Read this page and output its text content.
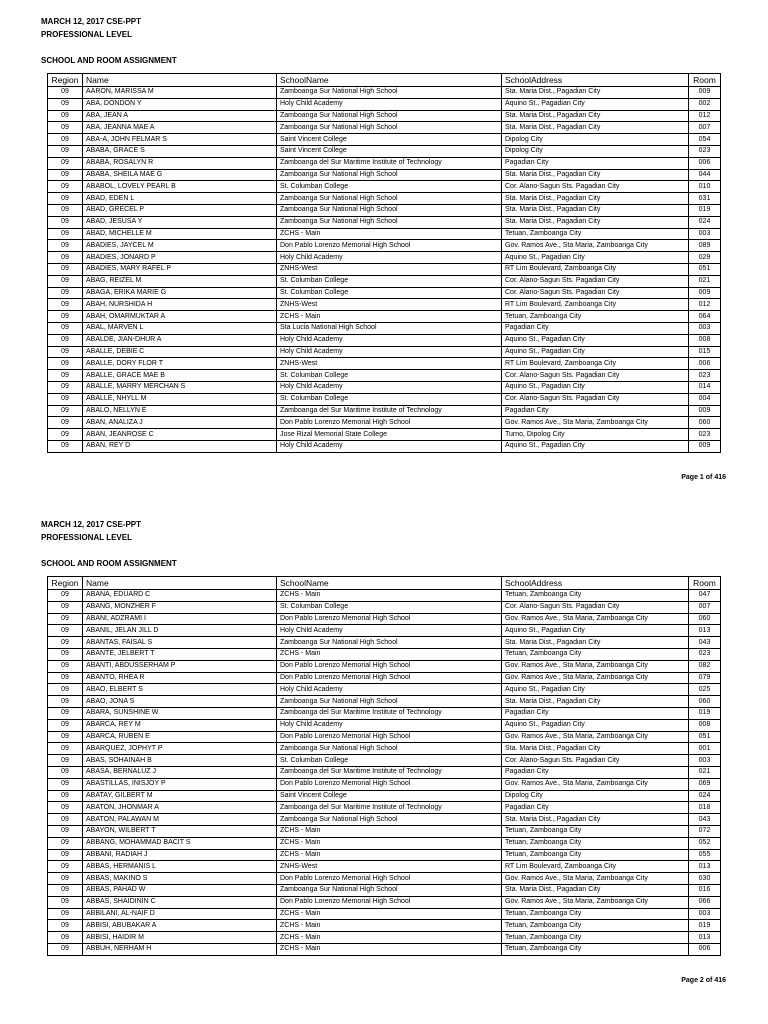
MARCH 12, 2017 CSE-PPT
PROFESSIONAL LEVEL
SCHOOL AND ROOM ASSIGNMENT
Region	Name	SchoolName	SchoolAddress	Room
09	AARON, MARISSA M	Zamboanga Sur National High School	Sta. Maria Dist., Pagadian City	009
09	ABA, DONDON Y	Holy Child Academy	Aquino St., Pagadian City	002
09	ABA, JEAN A	Zamboanga Sur National High School	Sta. Maria Dist., Pagadian City	012
09	ABA, JEANNA MAE A	Zamboanga Sur National High School	Sta. Maria Dist., Pagadian City	007
09	ABA-A, JOHN FELMAR S	Saint Vincent College	Dipolog City	054
09	ABABA, GRACE S	Saint Vincent College	Dipolog City	023
09	ABABA, ROSALYN R	Zamboanga del Sur Maritime Institute of Technology	Pagadian City	006
09	ABABA, SHEILA MAE G	Zamboanga Sur National High School	Sta. Maria Dist., Pagadian City	044
09	ABABOL, LOVELY PEARL B	St. Columban College	Cor. Alano-Sagun Sts. Pagadian City	010
09	ABAD, EDEN L	Zamboanga Sur National High School	Sta. Maria Dist., Pagadian City	031
09	ABAD, GRECEL P	Zamboanga Sur National High School	Sta. Maria Dist., Pagadian City	019
09	ABAD, JESUSA Y	Zamboanga Sur National High School	Sta. Maria Dist., Pagadian City	024
09	ABAD, MICHELLE M	ZCHS - Main	Tetuan, Zamboanga City	003
09	ABADIES, JAYCEL M	Don Pablo Lorenzo Memorial High School	Gov. Ramos Ave., Sta Maria, Zamboanga City	089
09	ABADIES, JONARD P	Holy Child Academy	Aquino St., Pagadian City	029
09	ABADIES, MARY RAFEL P	ZNHS-West	RT Lim Boulevard, Zamboanga City	051
09	ABAG, REIZEL M	St. Columban College	Cor. Alano-Sagun Sts. Pagadian City	021
09	ABAGA, ERIKA MARIE G	St. Columban College	Cor. Alano-Sagun Sts. Pagadian City	009
09	ABAH, NURSHIDA H	ZNHS-West	RT Lim Boulevard, Zamboanga City	012
09	ABAH, OMARMUKTAR A	ZCHS - Main	Tetuan, Zamboanga City	064
09	ABAL, MARVEN L	Sta Lucia National High School	Pagadian City	003
09	ABALDE, JIAN-DHUR A	Holy Child Academy	Aquino St., Pagadian City	008
09	ABALLE, DEBIE C	Holy Child Academy	Aquino St., Pagadian City	015
09	ABALLE, DORY FLOR T	ZNHS-West	RT Lim Boulevard, Zamboanga City	006
09	ABALLE, GRACE MAE B	St. Columban College	Cor. Alano-Sagun Sts. Pagadian City	023
09	ABALLE, MARRY MERCHAN S	Holy Child Academy	Aquino St., Pagadian City	014
09	ABALLE, NHYLL M	St. Columban College	Cor. Alano-Sagun Sts. Pagadian City	004
09	ABALO, NELLYN E	Zamboanga del Sur Maritime Institute of Technology	Pagadian City	009
09	ABAN, ANALIZA J	Don Pablo Lorenzo Memorial High School	Gov. Ramos Ave., Sta Maria, Zamboanga City	060
09	ABAN, JEANROSE C	Jose Rizal Memorial State College	Turno, Dipolog City	023
09	ABAN, REY D	Holy Child Academy	Aquino St., Pagadian City	009
Page 1 of 416
MARCH 12, 2017 CSE-PPT
PROFESSIONAL LEVEL
SCHOOL AND ROOM ASSIGNMENT
Region	Name	SchoolName	SchoolAddress	Room
09	ABANA, EDUARD C	ZCHS - Main	Tetuan, Zamboanga City	047
09	ABANG, MONZHER F	St. Columban College	Cor. Alano-Sagun Sts. Pagadian City	007
09	ABANI, ADZRAMI I	Don Pablo Lorenzo Memorial High School	Gov. Ramos Ave., Sta Maria, Zamboanga City	060
09	ABANIL, JELAN JILL D	Holy Child Academy	Aquino St., Pagadian City	013
09	ABANTAS, FAISAL S	Zamboanga Sur National High School	Sta. Maria Dist., Pagadian City	043
09	ABANTE, JELBERT T	ZCHS - Main	Tetuan, Zamboanga City	023
09	ABANTI, ABDUSSERHAM P	Don Pablo Lorenzo Memorial High School	Gov. Ramos Ave., Sta Maria, Zamboanga City	082
09	ABANTO, RHEA R	Don Pablo Lorenzo Memorial High School	Gov. Ramos Ave., Sta Maria, Zamboanga City	079
09	ABAO, ELBERT S	Holy Child Academy	Aquino St., Pagadian City	025
09	ABAO, JONA S	Zamboanga Sur National High School	Sta. Maria Dist., Pagadian City	060
09	ABARA, SUNSHINE W	Zamboanga del Sur Maritime Institute of Technology	Pagadian City	019
09	ABARCA, REY M	Holy Child Academy	Aquino St., Pagadian City	008
09	ABARCA, RUBEN E	Don Pablo Lorenzo Memorial High School	Gov. Ramos Ave., Sta Maria, Zamboanga City	051
09	ABARQUEZ, JOPHYT P	Zamboanga Sur National High School	Sta. Maria Dist., Pagadian City	001
09	ABAS, SOHAINAH B	St. Columban College	Cor. Alano-Sagun Sts. Pagadian City	003
09	ABASA, BERNALUZ J	Zamboanga del Sur Maritime Institute of Technology	Pagadian City	021
09	ABASTILLAS, INISJOY P	Don Pablo Lorenzo Memorial High School	Gov. Ramos Ave., Sta Maria, Zamboanga City	069
09	ABATAY, GILBERT M	Saint Vincent College	Dipolog City	024
09	ABATON, JHONMAR A	Zamboanga del Sur Maritime Institute of Technology	Pagadian City	018
09	ABATON, PALAWAN M	Zamboanga Sur National High School	Sta. Maria Dist., Pagadian City	043
09	ABAYON, WILBERT T	ZCHS - Main	Tetuan, Zamboanga City	072
09	ABBANG, MOHAMMAD BACIT S	ZCHS - Main	Tetuan, Zamboanga City	052
09	ABBANI, RADIAH J	ZCHS - Main	Tetuan, Zamboanga City	055
09	ABBAS, HERMANIS L	ZNHS-West	RT Lim Boulevard, Zamboanga City	013
09	ABBAS, MAKINO S	Don Pablo Lorenzo Memorial High School	Gov. Ramos Ave., Sta Maria, Zamboanga City	030
09	ABBAS, PAHAD W	Zamboanga Sur National High School	Sta. Maria Dist., Pagadian City	016
09	ABBAS, SHAIDININ C	Don Pablo Lorenzo Memorial High School	Gov. Ramos Ave., Sta Maria, Zamboanga City	066
09	ABBILANI, AL-NAIF D	ZCHS - Main	Tetuan, Zamboanga City	003
09	ABBISI, ABUBAKAR A	ZCHS - Main	Tetuan, Zamboanga City	019
09	ABBISI, HAIDIR M	ZCHS - Main	Tetuan, Zamboanga City	013
09	ABBUH, NERHAM H	ZCHS - Main	Tetuan, Zamboanga City	006
Page 2 of 416
